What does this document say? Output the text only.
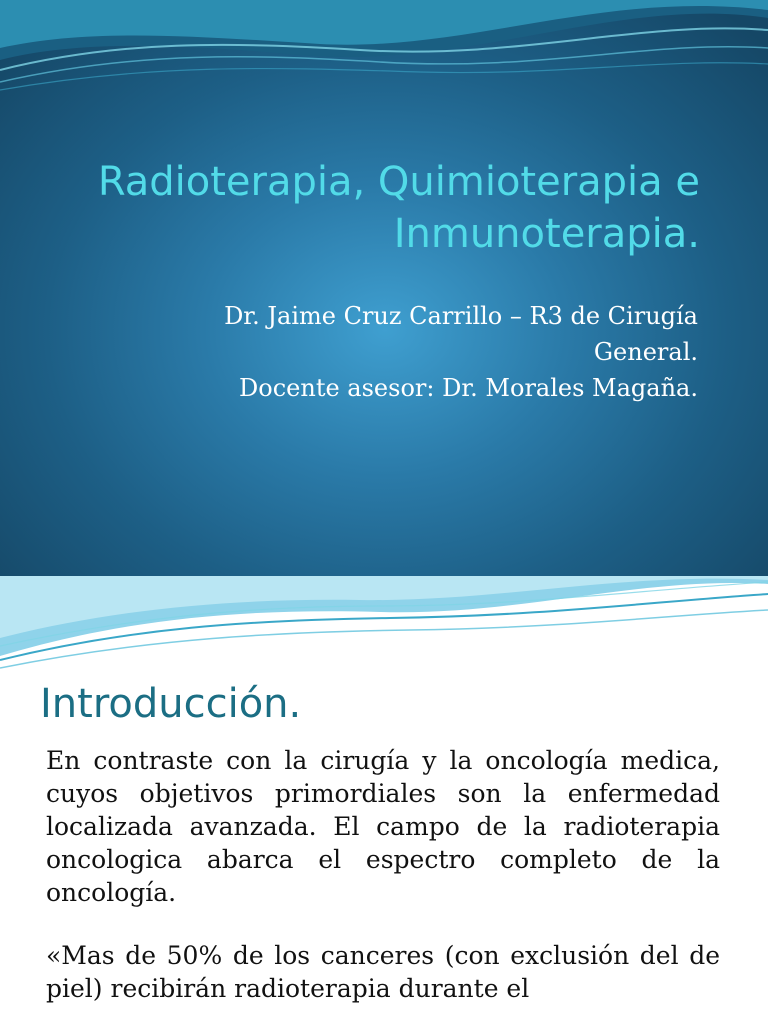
Radioterapia, Quimioterapia e
Inmunoterapia.
Dr. Jaime Cruz Carrillo – R3 de Cirugía
General.
Docente asesor: Dr. Morales Magaña.
Introducción.

En contraste con la cirugía y la oncología medica, cuyos objetivos primordiales son la enfermedad localizada avanzada. El campo de la radioterapia oncologica abarca el espectro completo de la oncología.

«Mas de 50% de los canceres (con exclusión del de piel) recibirán radioterapia durante el
